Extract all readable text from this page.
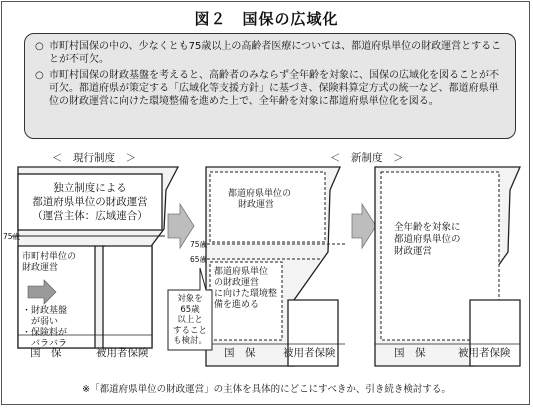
図２　国保の広域化
○ 市町村国保の中の、少なくとも75歳以上の高齢者医療については、都道府県単位の財政運営とすることが不可欠。
○ 市町村国保の財政基盤を考えると、高齢者のみならず全年齢を対象に、国保の広域化を図ることが不可欠。都道府県が策定する「広域化等支援方針」に基づき、保険料算定方式の統一など、都道府県単位の財政運営に向けた環境整備を進めた上で、全年齢を対象に都道府県単位化を図る。
＜　現行制度　＞	＜　新制度　＞
独立制度による
都道府県単位の財政運営
（運営主体：広域連合）
75歳
市町村単位の
財政運営
・財政基盤
　が弱い
・保険料が
　バラバラ
国　保	被用者保険
都道府県単位の
財政運営
75歳
65歳
都道府県単位
の財政運営
に向けた環境整
備を進める
対象を
65歳
以上と
すること
も検討。
国　保	被用者保険
全年齢を対象に
都道府県単位の
財政運営
国　保	被用者保険
※「都道府県単位の財政運営」の主体を具体的にどこにすべきか、引き続き検討する。
